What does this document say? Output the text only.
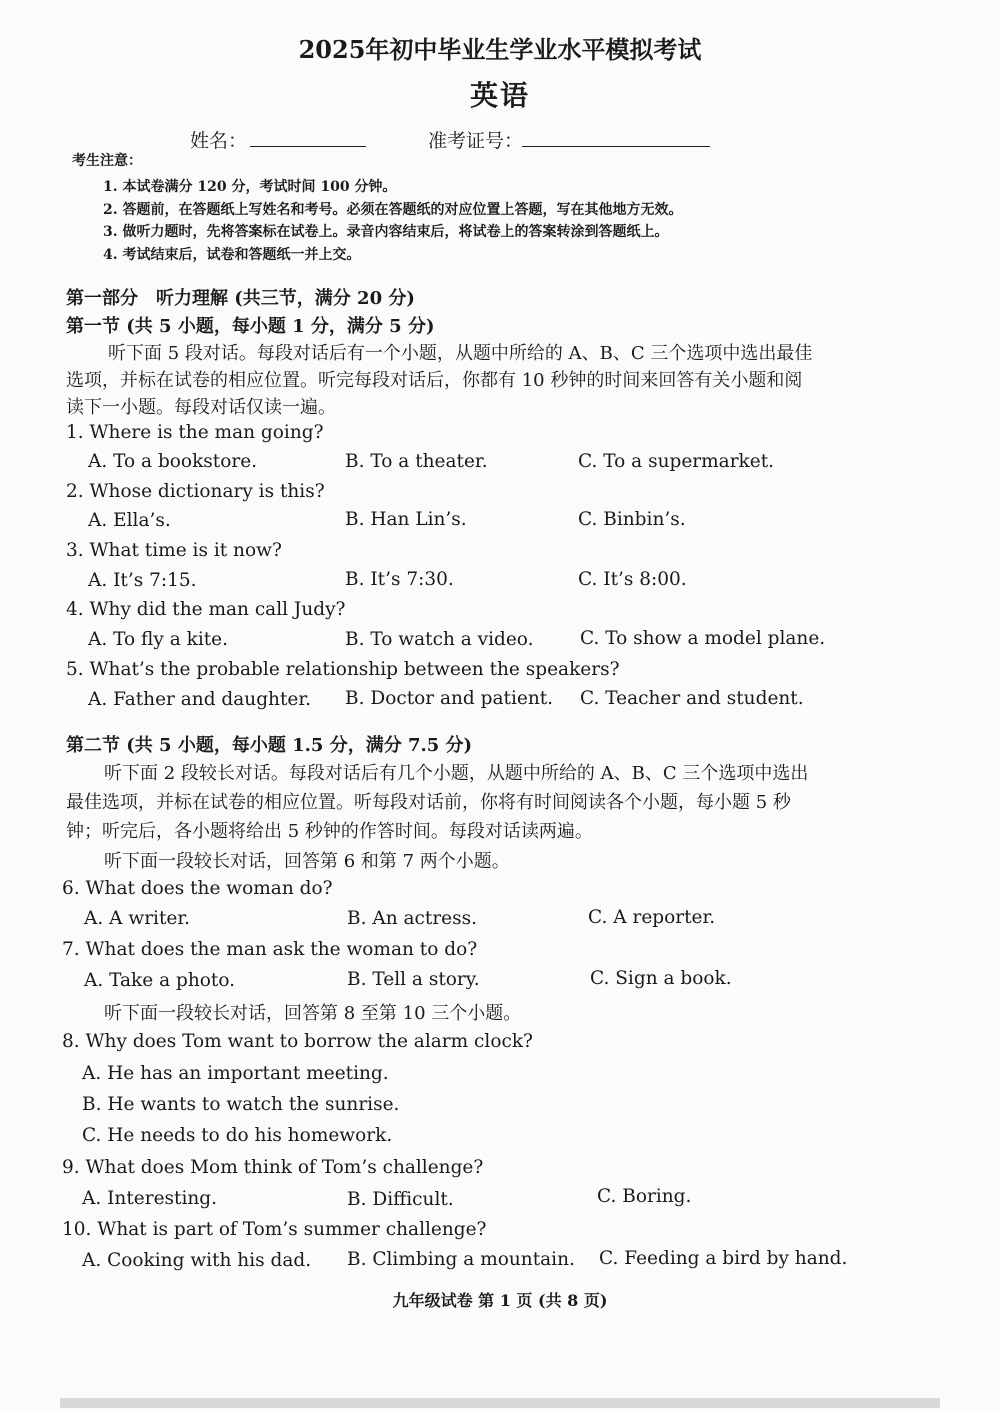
2025年初中毕业生学业水平模拟考试
英语
姓名：	准考证号：
考生注意：
1. 本试卷满分 120 分，考试时间 100 分钟。
2. 答题前，在答题纸上写姓名和考号。必须在答题纸的对应位置上答题，写在其他地方无效。
3. 做听力题时，先将答案标在试卷上。录音内容结束后，将试卷上的答案转涂到答题纸上。
4. 考试结束后，试卷和答题纸一并上交。
第一部分　听力理解 (共三节，满分 20 分)
第一节 (共 5 小题，每小题 1 分，满分 5 分)
听下面 5 段对话。每段对话后有一个小题，从题中所给的 A、B、C 三个选项中选出最佳
选项，并标在试卷的相应位置。听完每段对话后，你都有 10 秒钟的时间来回答有关小题和阅
读下一小题。每段对话仅读一遍。
1. Where is the man going?
A. To a bookstore.	B. To a theater.	C. To a supermarket.
2. Whose dictionary is this?
A. Ella’s.	B. Han Lin’s.	C. Binbin’s.
3. What time is it now?
A. It’s 7:15.	B. It’s 7:30.	C. It’s 8:00.
4. Why did the man call Judy?
A. To fly a kite.	B. To watch a video.	C. To show a model plane.
5. What’s the probable relationship between the speakers?
A. Father and daughter. B. Doctor and patient. C. Teacher and student.
第二节 (共 5 小题，每小题 1.5 分，满分 7.5 分)
听下面 2 段较长对话。每段对话后有几个小题，从题中所给的 A、B、C 三个选项中选出
最佳选项，并标在试卷的相应位置。听每段对话前，你将有时间阅读各个小题，每小题 5 秒
钟；听完后，各小题将给出 5 秒钟的作答时间。每段对话读两遍。
听下面一段较长对话，回答第 6 和第 7 两个小题。
6. What does the woman do?
A. A writer.	B. An actress.	C. A reporter.
7. What does the man ask the woman to do?
A. Take a photo.	B. Tell a story.	C. Sign a book.
听下面一段较长对话，回答第 8 至第 10 三个小题。
8. Why does Tom want to borrow the alarm clock?
A. He has an important meeting.
B. He wants to watch the sunrise.
C. He needs to do his homework.
9. What does Mom think of Tom’s challenge?
A. Interesting.	B. Difficult.	C. Boring.
10. What is part of Tom’s summer challenge?
A. Cooking with his dad. B. Climbing a mountain. C. Feeding a bird by hand.
九年级试卷 第 1 页 (共 8 页)
